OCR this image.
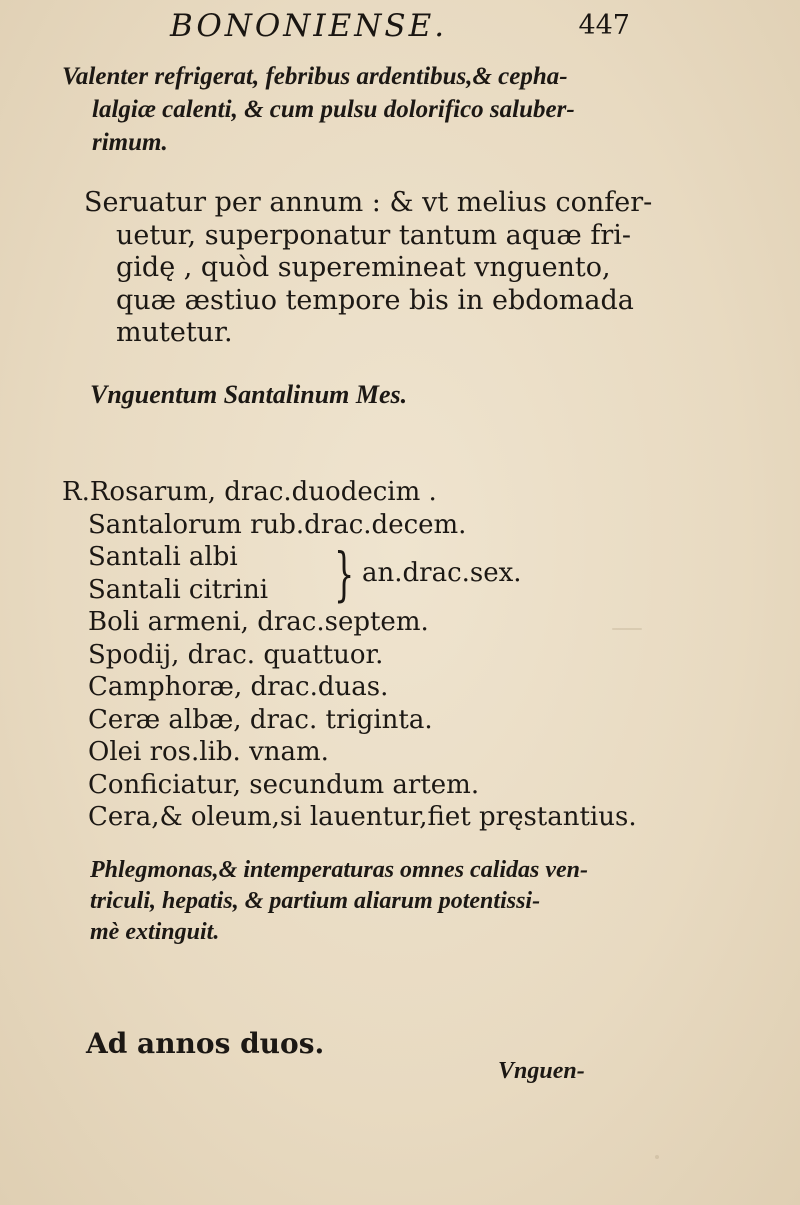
BONONIENSE.	447
Valenter refrigerat, febribus ardentibus,& cepha-
lalgiæ calenti, & cum pulsu dolorifico saluber-
rimum.
Seruatur per annum : & vt melius confer-
uetur, superponatur tantum aquæ fri-
gidę , quòd superemineat vnguento,
quæ æstiuo tempore bis in ebdomada
mutetur.
Vnguentum Santalinum Mes.
R.Rosarum, drac.duodecim .
Santalorum rub.drac.decem.
Santali albi
Santali citrini } an.drac.sex.
Boli armeni, drac.septem.
Spodij, drac. quattuor.
Camphoræ, drac.duas.
Ceræ albæ, drac. triginta.
Olei ros.lib. vnam.
Conficiatur, secundum artem.
Cera,& oleum,si lauentur,fiet pręstantius.
Phlegmonas,& intemperaturas omnes calidas ven-
triculi, hepatis, & partium aliarum potentissi-
mè extinguit.
Ad annos duos.
Vnguen-
